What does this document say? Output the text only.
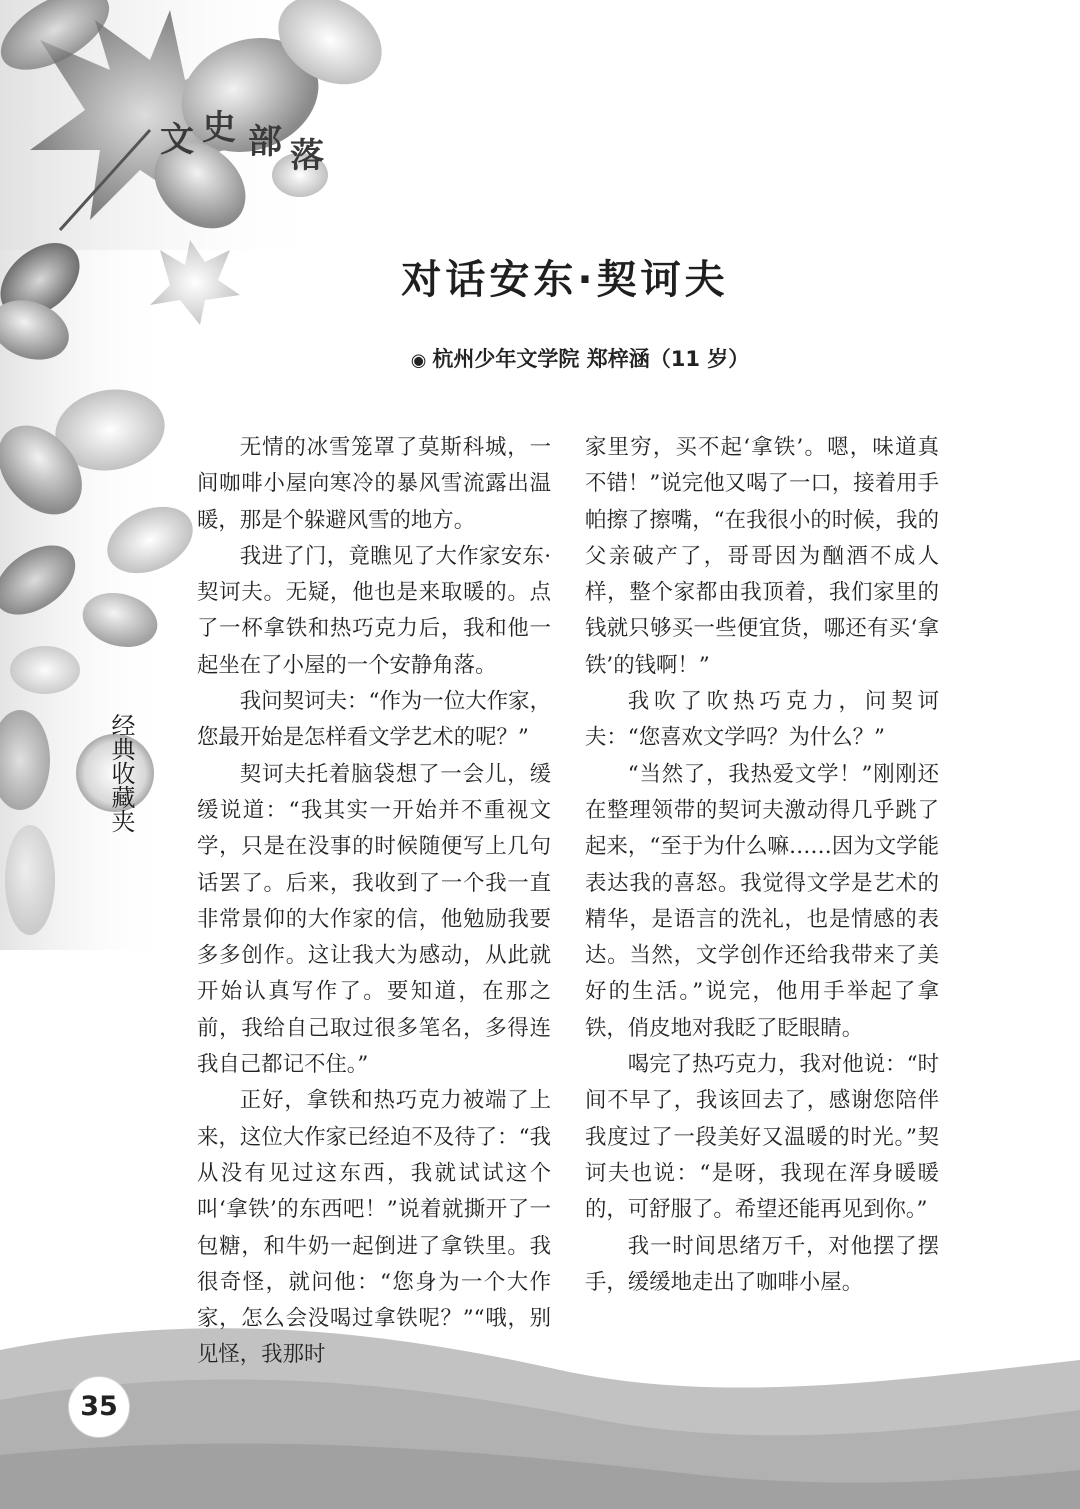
文 史 部 落
对话安东·契诃夫
◉ 杭州少年文学院 郑梓涵（11 岁）
经典收藏夹

无情的冰雪笼罩了莫斯科城，一间咖啡小屋向寒冷的暴风雪流露出温暖，那是个躲避风雪的地方。

我进了门，竟瞧见了大作家安东·契诃夫。无疑，他也是来取暖的。点了一杯拿铁和热巧克力后，我和他一起坐在了小屋的一个安静角落。

我问契诃夫：“作为一位大作家，您最开始是怎样看文学艺术的呢？”

契诃夫托着脑袋想了一会儿，缓缓说道：“我其实一开始并不重视文学，只是在没事的时候随便写上几句话罢了。后来，我收到了一个我一直非常景仰的大作家的信，他勉励我要多多创作。这让我大为感动，从此就开始认真写作了。要知道，在那之前，我给自己取过很多笔名，多得连我自己都记不住。”

正好，拿铁和热巧克力被端了上来，这位大作家已经迫不及待了：“我从没有见过这东西，我就试试这个叫‘拿铁’的东西吧！”说着就撕开了一包糖，和牛奶一起倒进了拿铁里。我很奇怪，就问他：“您身为一个大作家，怎么会没喝过拿铁呢？”“哦，别见怪，我那时

家里穷，买不起‘拿铁’。嗯，味道真不错！”说完他又喝了一口，接着用手帕擦了擦嘴，“在我很小的时候，我的父亲破产了，哥哥因为酗酒不成人样，整个家都由我顶着，我们家里的钱就只够买一些便宜货，哪还有买‘拿铁’的钱啊！”

我吹了吹热巧克力，问契诃夫：“您喜欢文学吗？为什么？”

“当然了，我热爱文学！”刚刚还在整理领带的契诃夫激动得几乎跳了起来，“至于为什么嘛……因为文学能表达我的喜怒。我觉得文学是艺术的精华，是语言的洗礼，也是情感的表达。当然，文学创作还给我带来了美好的生活。”说完，他用手举起了拿铁，俏皮地对我眨了眨眼睛。

喝完了热巧克力，我对他说：“时间不早了，我该回去了，感谢您陪伴我度过了一段美好又温暖的时光。”契诃夫也说：“是呀，我现在浑身暖暖的，可舒服了。希望还能再见到你。”

我一时间思绪万千，对他摆了摆手，缓缓地走出了咖啡小屋。

35
